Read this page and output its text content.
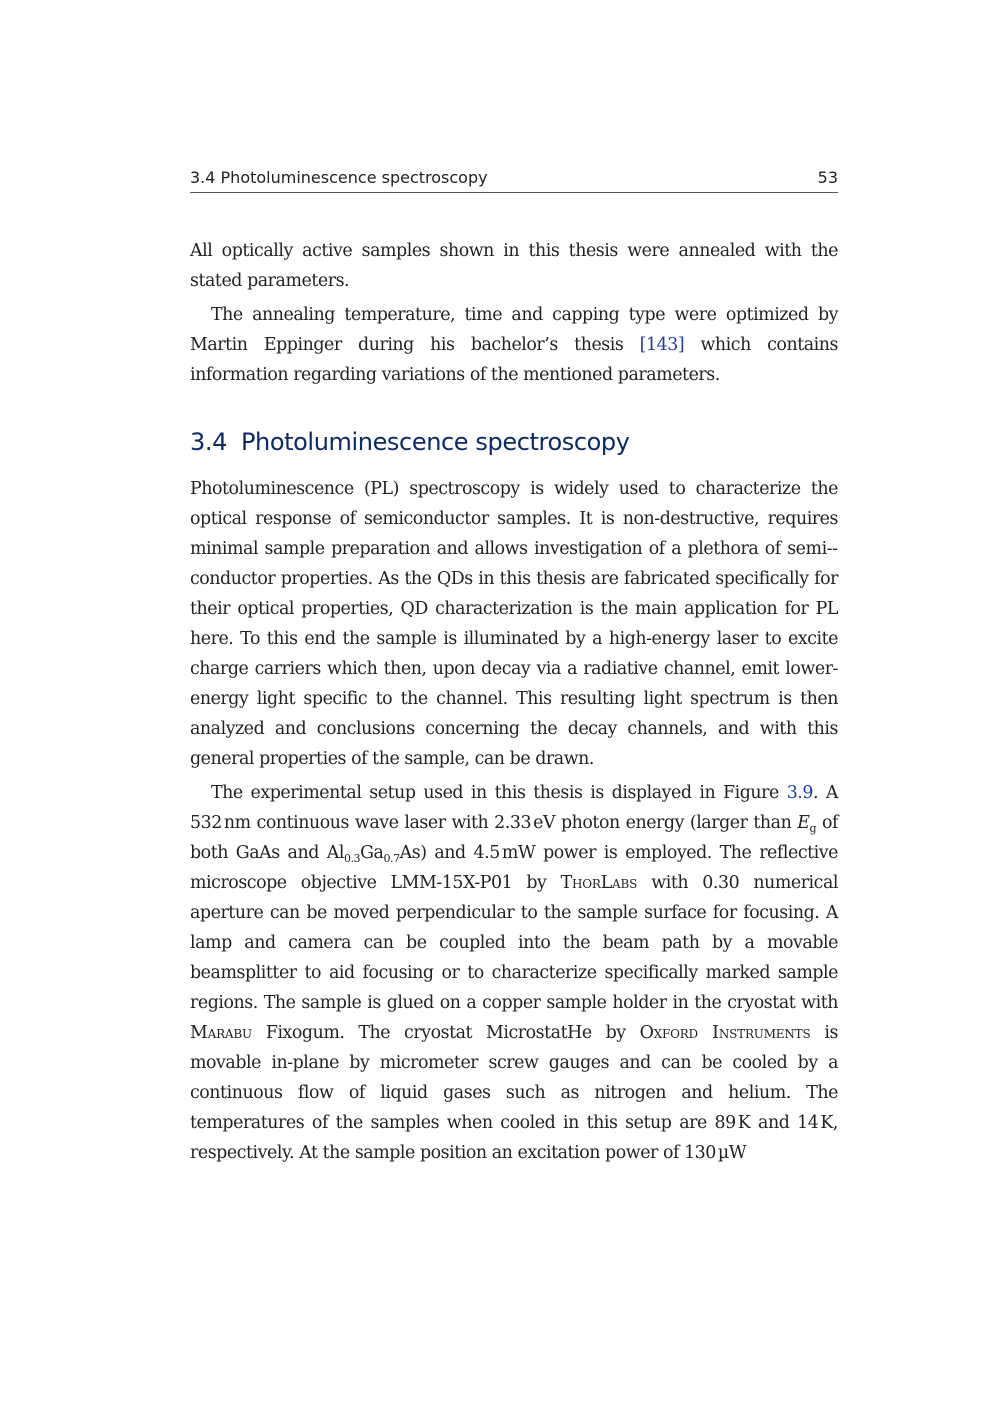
3.4 Photoluminescence spectroscopy	53

All optically active samples shown in this thesis were annealed with the stated parameters.

The annealing temperature, time and capping type were optimized by Martin Eppinger during his bachelor’s thesis [143] which contains information regarding variations of the mentioned parameters.

3.4 Photoluminescence spectroscopy

Photoluminescence (PL) spectroscopy is widely used to characterize the optical response of semiconductor samples. It is non-destructive, requires minimal sample preparation and allows investigation of a plethora of semi-conductor properties. As the QDs in this thesis are fabricated specifically for their optical properties, QD characterization is the main application for PL here. To this end the sample is illuminated by a high-energy laser to excite charge carriers which then, upon decay via a radiative channel, emit lower-energy light specific to the channel. This resulting light spectrum is then analyzed and conclusions concerning the decay channels, and with this general properties of the sample, can be drawn.

The experimental setup used in this thesis is displayed in Figure 3.9. A 532 nm continuous wave laser with 2.33 eV photon energy (larger than $E_g$ of both GaAs and $Al_{0.3}Ga_{0.7}As$) and 4.5 mW power is employed. The reflective microscope objective LMM-15X-P01 by ThorLabs with 0.30 numerical aperture can be moved perpendicular to the sample surface for focusing. A lamp and camera can be coupled into the beam path by a movable beamsplitter to aid focusing or to characterize specifically marked sample regions. The sample is glued on a copper sample holder in the cryostat with Marabu Fixogum. The cryostat MicrostatHe by Oxford Instruments is movable in-plane by micrometer screw gauges and can be cooled by a continuous flow of liquid gases such as nitrogen and helium. The temperatures of the samples when cooled in this setup are 89 K and 14 K, respectively. At the sample position an excitation power of 130 µW
